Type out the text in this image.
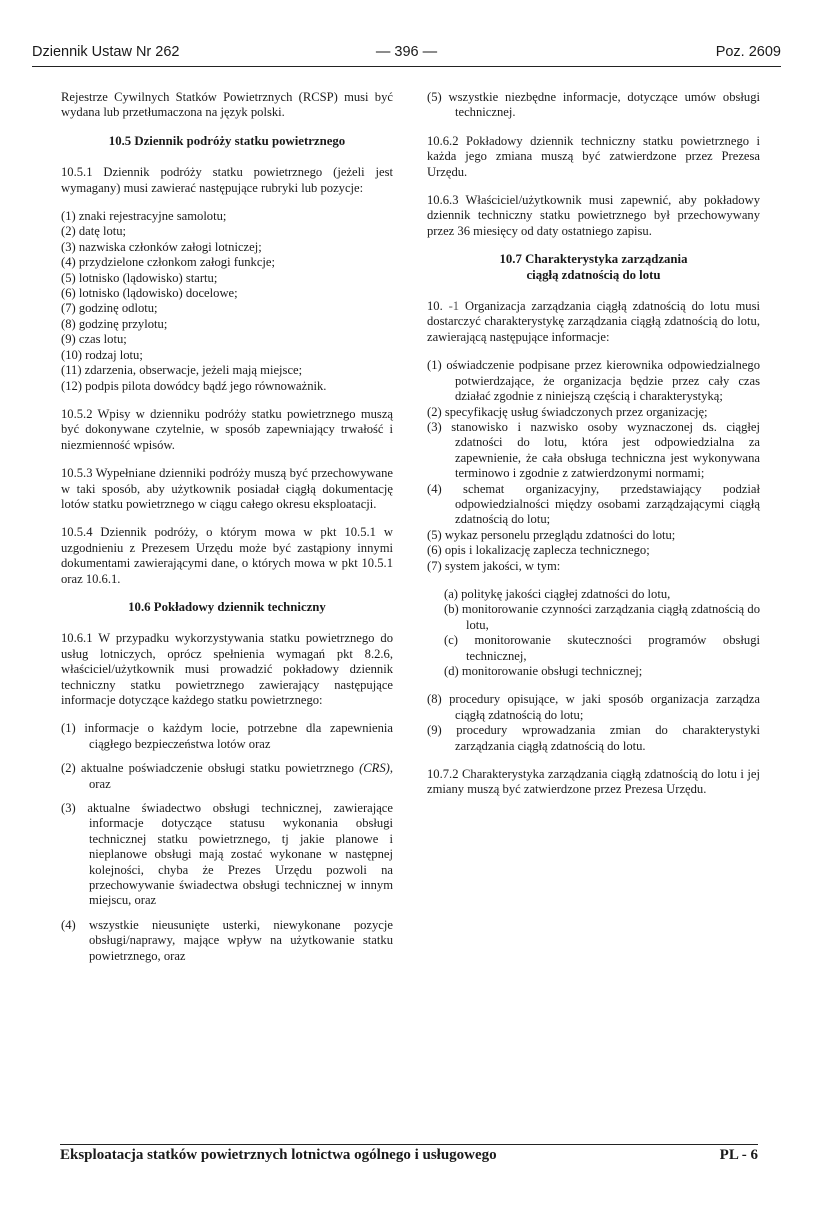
Dziennik Ustaw Nr 262	— 396 —	Poz. 2609

Rejestrze Cywilnych Statków Powietrznych (RCSP) musi być wydana lub przetłumaczona na język polski.

10.5 Dziennik podróży statku powietrznego

10.5.1 Dziennik podróży statku powietrznego (jeżeli jest wymagany) musi zawierać następujące rubryki lub pozycje:

(1) znaki rejestracyjne samolotu;
(2) datę lotu;
(3) nazwiska członków załogi lotniczej;
(4) przydzielone członkom załogi funkcje;
(5) lotnisko (lądowisko) startu;
(6) lotnisko (lądowisko) docelowe;
(7) godzinę odlotu;
(8) godzinę przylotu;
(9) czas lotu;
(10) rodzaj lotu;
(11) zdarzenia, obserwacje, jeżeli mają miejsce;
(12) podpis pilota dowódcy bądź jego równoważnik.

10.5.2 Wpisy w dzienniku podróży statku powietrznego muszą być dokonywane czytelnie, w sposób zapewniający trwałość i niezmienność wpisów.

10.5.3 Wypełniane dzienniki podróży muszą być przechowywane w taki sposób, aby użytkownik posiadał ciągłą dokumentację lotów statku powietrznego w ciągu całego okresu eksploatacji.

10.5.4 Dziennik podróży, o którym mowa w pkt 10.5.1 w uzgodnieniu z Prezesem Urzędu może być zastąpiony innymi dokumentami zawierającymi dane, o których mowa w pkt 10.5.1 oraz 10.6.1.

10.6 Pokładowy dziennik techniczny

10.6.1 W przypadku wykorzystywania statku powietrznego do usług lotniczych, oprócz spełnienia wymagań pkt 8.2.6, właściciel/użytkownik musi prowadzić pokładowy dziennik techniczny statku powietrznego zawierający następujące informacje dotyczące każdego statku powietrznego:

(1) informacje o każdym locie, potrzebne dla zapewnienia ciągłego bezpieczeństwa lotów oraz
(2) aktualne poświadczenie obsługi statku powietrznego (CRS), oraz
(3) aktualne świadectwo obsługi technicznej, zawierające informacje dotyczące statusu wykonania obsługi technicznej statku powietrznego, tj jakie planowe i nieplanowe obsługi mają zostać wykonane w następnej kolejności, chyba że Prezes Urzędu pozwoli na przechowywanie świadectwa obsługi technicznej w innym miejscu, oraz
(4) wszystkie nieusunięte usterki, niewykonane pozycje obsługi/naprawy, mające wpływ na użytkowanie statku powietrznego, oraz
(5) wszystkie niezbędne informacje, dotyczące umów obsługi technicznej.

10.6.2 Pokładowy dziennik techniczny statku powietrznego i każda jego zmiana muszą być zatwierdzone przez Prezesa Urzędu.

10.6.3 Właściciel/użytkownik musi zapewnić, aby pokładowy dziennik techniczny statku powietrznego był przechowywany przez 36 miesięcy od daty ostatniego zapisu.

10.7 Charakterystyka zarządzania
ciągłą zdatnością do lotu

10. -1 Organizacja zarządzania ciągłą zdatnością do lotu musi dostarczyć charakterystykę zarządzania ciągłą zdatnością do lotu, zawierającą następujące informacje:

(1) oświadczenie podpisane przez kierownika odpowiedzialnego potwierdzające, że organizacja będzie przez cały czas działać zgodnie z niniejszą częścią i charakterystyką;
(2) specyfikację usług świadczonych przez organizację;
(3) stanowisko i nazwisko osoby wyznaczonej ds. ciągłej zdatności do lotu, która jest odpowiedzialna za zapewnienie, że cała obsługa techniczna jest wykonywana terminowo i zgodnie z zatwierdzonymi normami;
(4) schemat organizacyjny, przedstawiający podział odpowiedzialności między osobami zarządzającymi ciągłą zdatnością do lotu;
(5) wykaz personelu przeglądu zdatności do lotu;
(6) opis i lokalizację zaplecza technicznego;
(7) system jakości, w tym:
(a) politykę jakości ciągłej zdatności do lotu,
(b) monitorowanie czynności zarządzania ciągłą zdatnością do lotu,
(c) monitorowanie skuteczności programów obsługi technicznej,
(d) monitorowanie obsługi technicznej;
(8) procedury opisujące, w jaki sposób organizacja zarządza ciągłą zdatnością do lotu;
(9) procedury wprowadzania zmian do charakterystyki zarządzania ciągłą zdatnością do lotu.

10.7.2 Charakterystyka zarządzania ciągłą zdatnością do lotu i jej zmiany muszą być zatwierdzone przez Prezesa Urzędu.

Eksploatacja statków powietrznych lotnictwa ogólnego i usługowego	PL - 6
